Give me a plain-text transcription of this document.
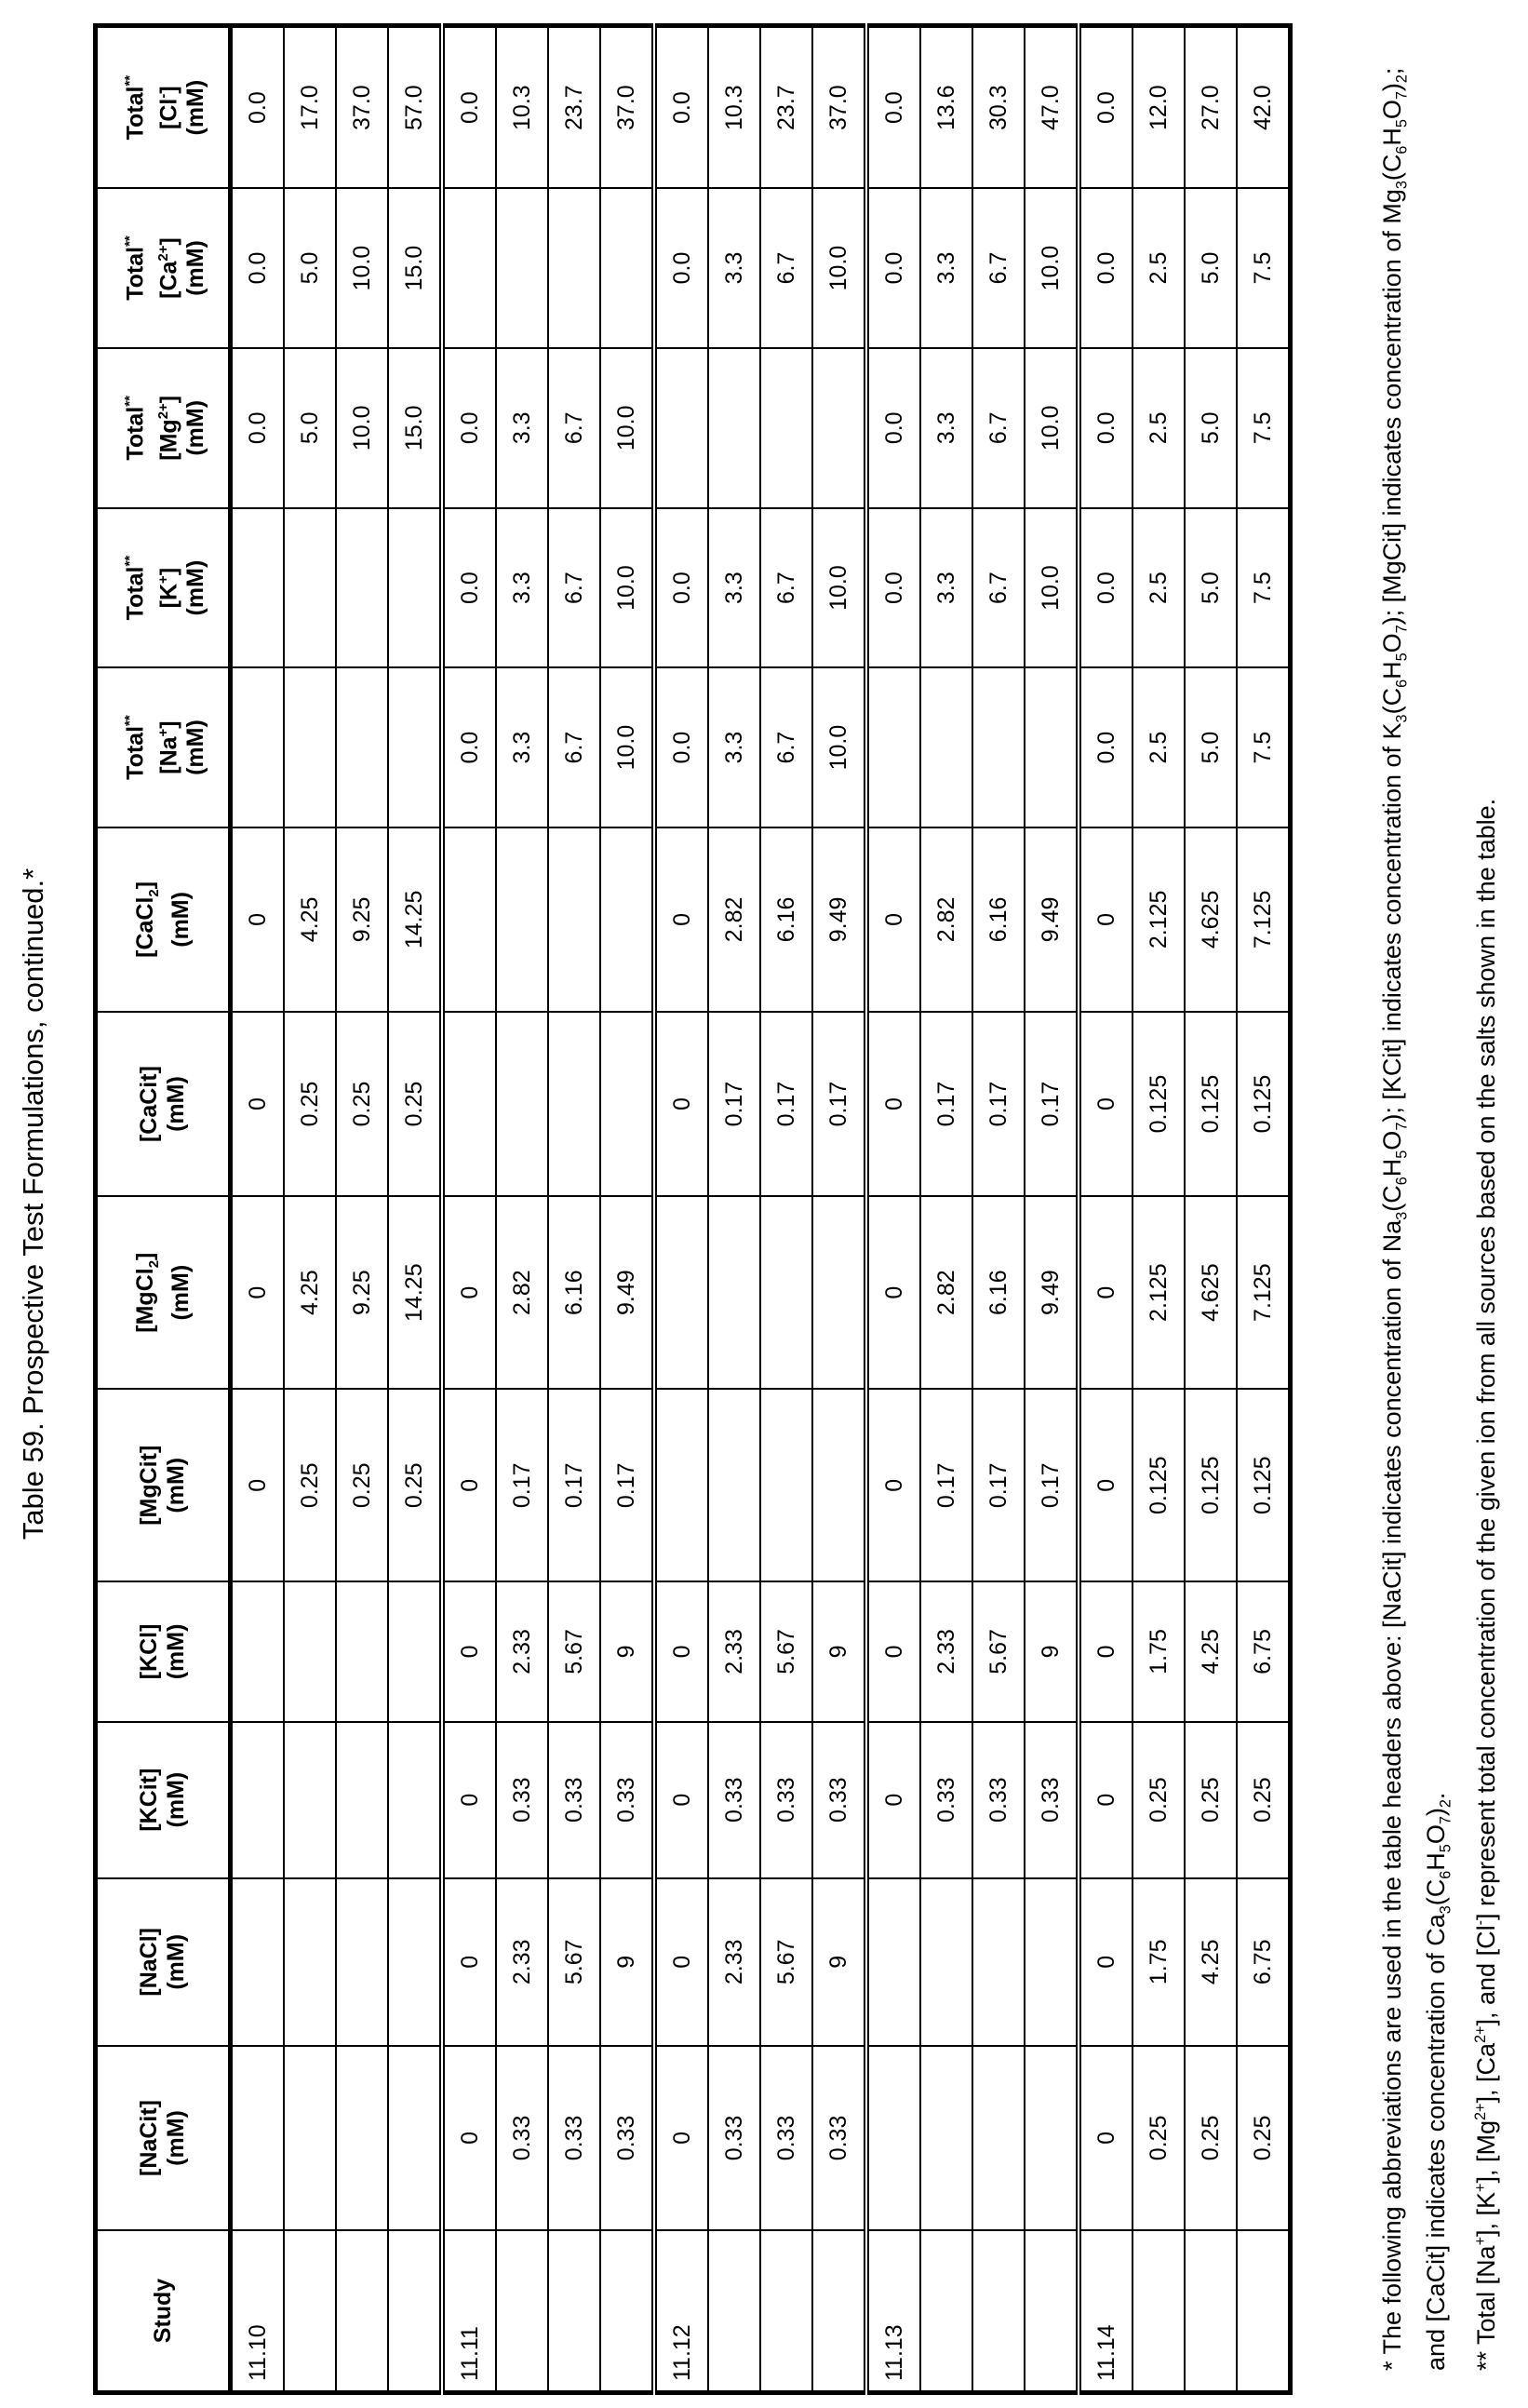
Table 59. Prospective Test Formulations, continued.*
Study	[NaCit]
(mM)	[NaCl]
(mM)	[KCit]
(mM)	[KCl]
(mM)	[MgCit]
(mM)	[MgCl2]
(mM)	[CaCit]
(mM)	[CaCl2]
(mM)	Total**
[Na+]
(mM)	Total**
[K+]
(mM)	Total**
[Mg2+]
(mM)	Total**
[Ca2+]
(mM)	Total**
[Cl-]
(mM)
11.10					0	0	0	0			0.0	0.0	0.0
					0.25	4.25	0.25	4.25			5.0	5.0	17.0
					0.25	9.25	0.25	9.25			10.0	10.0	37.0
					0.25	14.25	0.25	14.25			15.0	15.0	57.0
11.11	0	0	0	0	0	0			0.0	0.0	0.0		0.0
	0.33	2.33	0.33	2.33	0.17	2.82			3.3	3.3	3.3		10.3
	0.33	5.67	0.33	5.67	0.17	6.16			6.7	6.7	6.7		23.7
	0.33	9	0.33	9	0.17	9.49			10.0	10.0	10.0		37.0
11.12	0	0	0	0			0	0	0.0	0.0		0.0	0.0
	0.33	2.33	0.33	2.33			0.17	2.82	3.3	3.3		3.3	10.3
	0.33	5.67	0.33	5.67			0.17	6.16	6.7	6.7		6.7	23.7
	0.33	9	0.33	9			0.17	9.49	10.0	10.0		10.0	37.0
11.13			0	0	0	0	0	0		0.0	0.0	0.0	0.0
			0.33	2.33	0.17	2.82	0.17	2.82		3.3	3.3	3.3	13.6
			0.33	5.67	0.17	6.16	0.17	6.16		6.7	6.7	6.7	30.3
			0.33	9	0.17	9.49	0.17	9.49		10.0	10.0	10.0	47.0
11.14	0	0	0	0	0	0	0	0	0.0	0.0	0.0	0.0	0.0
	0.25	1.75	0.25	1.75	0.125	2.125	0.125	2.125	2.5	2.5	2.5	2.5	12.0
	0.25	4.25	0.25	4.25	0.125	4.625	0.125	4.625	5.0	5.0	5.0	5.0	27.0
	0.25	6.75	0.25	6.75	0.125	7.125	0.125	7.125	7.5	7.5	7.5	7.5	42.0
* The following abbreviations are used in the table headers above: [NaCit] indicates concentration of Na3(C6H5O7); [KCit] indicates concentration of K3(C6H5O7); [MgCit] indicates concentration of Mg3(C6H5O7)2; and [CaCit] indicates concentration of Ca3(C6H5O7)2.
** Total [Na+], [K+], [Mg2+], [Ca2+], and [Cl-] represent total concentration of the given ion from all sources based on the salts shown in the table.
